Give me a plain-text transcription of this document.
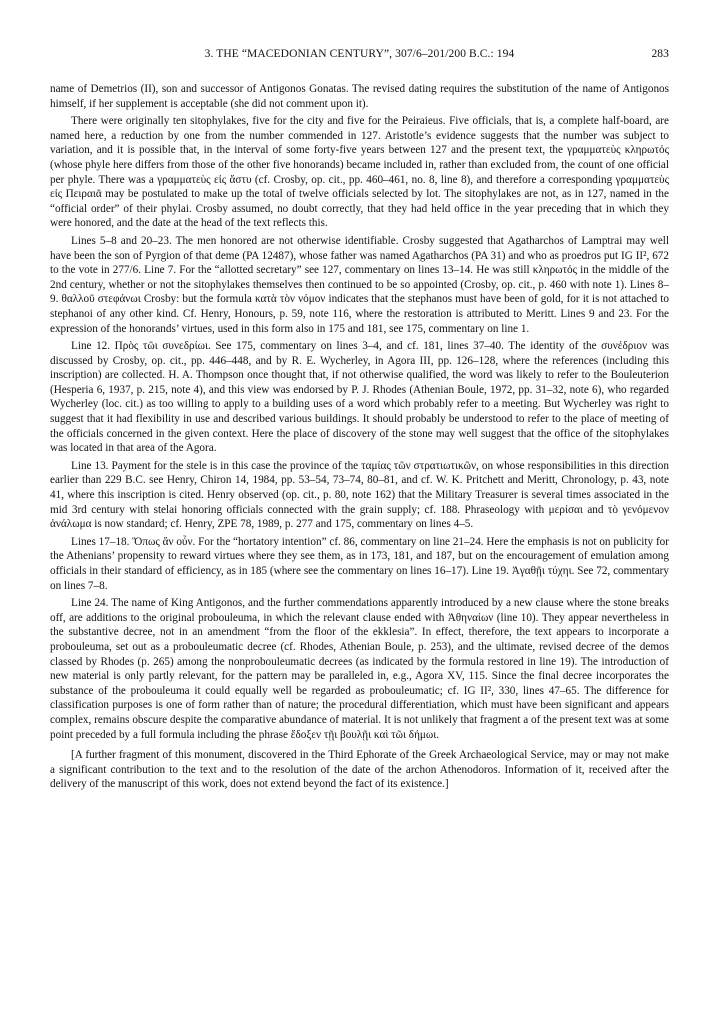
3. THE “MACEDONIAN CENTURY”, 307/6–201/200 B.C.: 194	283

name of Demetrios (II), son and successor of Antigonos Gonatas. The revised dating requires the substitution of the name of Antigonos himself, if her supplement is acceptable (she did not comment upon it).

There were originally ten sitophylakes, five for the city and five for the Peiraieus. Five officials, that is, a complete half-board, are named here, a reduction by one from the number commended in 127. Aristotle’s evidence suggests that the number was subject to variation, and it is possible that, in the interval of some forty-five years between 127 and the present text, the γραμματεὺς κληρωτός (whose phyle here differs from those of the other five honorands) became included in, rather than excluded from, the count of one official per phyle. There was a γραμματεὺς εἰς ἄστυ (cf. Crosby, op. cit., pp. 460–461, no. 8, line 8), and therefore a corresponding γραμματεὺς εἰς Πειραιᾶ may be postulated to make up the total of twelve officials selected by lot. The sitophylakes are not, as in 127, named in the “official order” of their phylai. Crosby assumed, no doubt correctly, that they had held office in the year preceding that in which they were honored, and the date at the head of the text reflects this.

Lines 5–8 and 20–23. The men honored are not otherwise identifiable. Crosby suggested that Agatharchos of Lamptrai may well have been the son of Pyrgion of that deme (PA 12487), whose father was named Agatharchos (PA 31) and who as proedros put IG II², 672 to the vote in 277/6. Line 7. For the “allotted secretary” see 127, commentary on lines 13–14. He was still κληρωτός in the middle of the 2nd century, whether or not the sitophylakes themselves then continued to be so appointed (Crosby, op. cit., p. 460 with note 1). Lines 8–9. θαλλοῦ στεφάνωι Crosby: but the formula κατὰ τὸν νόμον indicates that the stephanos must have been of gold, for it is not attached to stephanoi of any other kind. Cf. Henry, Honours, p. 59, note 116, where the restoration is attributed to Meritt. Lines 9 and 23. For the expression of the honorands’ virtues, used in this form also in 175 and 181, see 175, commentary on line 1.

Line 12. Πρὸς τῶι συνεδρίωι. See 175, commentary on lines 3–4, and cf. 181, lines 37–40. The identity of the συνέδριον was discussed by Crosby, op. cit., pp. 446–448, and by R. E. Wycherley, in Agora III, pp. 126–128, where the references (including this inscription) are collected. H. A. Thompson once thought that, if not otherwise qualified, the word was likely to refer to the Bouleuterion (Hesperia 6, 1937, p. 215, note 4), and this view was endorsed by P. J. Rhodes (Athenian Boule, 1972, pp. 31–32, note 6), who regarded Wycherley (loc. cit.) as too willing to apply to a building uses of a word which probably refer to a meeting. But Wycherley was right to suggest that it had flexibility in use and described various buildings. It should probably be understood to refer to the place of meeting of the officials concerned in the given context. Here the place of discovery of the stone may well suggest that the office of the sitophylakes was located in that area of the Agora.

Line 13. Payment for the stele is in this case the province of the ταμίας τῶν στρατιωτικῶν, on whose responsibilities in this direction earlier than 229 B.C. see Henry, Chiron 14, 1984, pp. 53–54, 73–74, 80–81, and cf. W. K. Pritchett and Meritt, Chronology, p. 43, note 41, where this inscription is cited. Henry observed (op. cit., p. 80, note 162) that the Military Treasurer is several times associated in the mid 3rd century with stelai honoring officials connected with the grain supply; cf. 188. Phraseology with μερίσαι and τὸ γενόμενον ἀνάλωμα is now standard; cf. Henry, ZPE 78, 1989, p. 277 and 175, commentary on lines 4–5.

Lines 17–18. Ὅπως ἂν οὖν. For the “hortatory intention” cf. 86, commentary on line 21–24. Here the emphasis is not on publicity for the Athenians’ propensity to reward virtues where they see them, as in 173, 181, and 187, but on the encouragement of emulation among officials in their standard of efficiency, as in 185 (where see the commentary on lines 16–17). Line 19. Ἀγαθῇι τύχηι. See 72, commentary on lines 7–8.

Line 24. The name of King Antigonos, and the further commendations apparently introduced by a new clause where the stone breaks off, are additions to the original probouleuma, in which the relevant clause ended with Ἀθηναίων (line 10). They appear nevertheless in the substantive decree, not in an amendment “from the floor of the ekklesia”. In effect, therefore, the text appears to incorporate a probouleuma, set out as a probouleumatic decree (cf. Rhodes, Athenian Boule, p. 253), and the ultimate, revised decree of the demos classed by Rhodes (p. 265) among the nonprobouleumatic decrees (as indicated by the formula restored in line 19). The introduction of new material is only partly relevant, for the pattern may be paralleled in, e.g., Agora XV, 115. Since the final decree incorporates the substance of the probouleuma it could equally well be regarded as probouleumatic; cf. IG II², 330, lines 47–65. The difference for classification purposes is one of form rather than of nature; the procedural differentiation, which must have been significant and appears complex, remains obscure despite the comparative abundance of material. It is not unlikely that fragment a of the present text was at some point preceded by a full formula including the phrase ἔδοξεν τῇι βουλῇι καὶ τῶι δήμωι.

[A further fragment of this monument, discovered in the Third Ephorate of the Greek Archaeological Service, may or may not make a significant contribution to the text and to the resolution of the date of the archon Athenodoros. Information of it, received after the delivery of the manuscript of this work, does not extend beyond the fact of its existence.]
